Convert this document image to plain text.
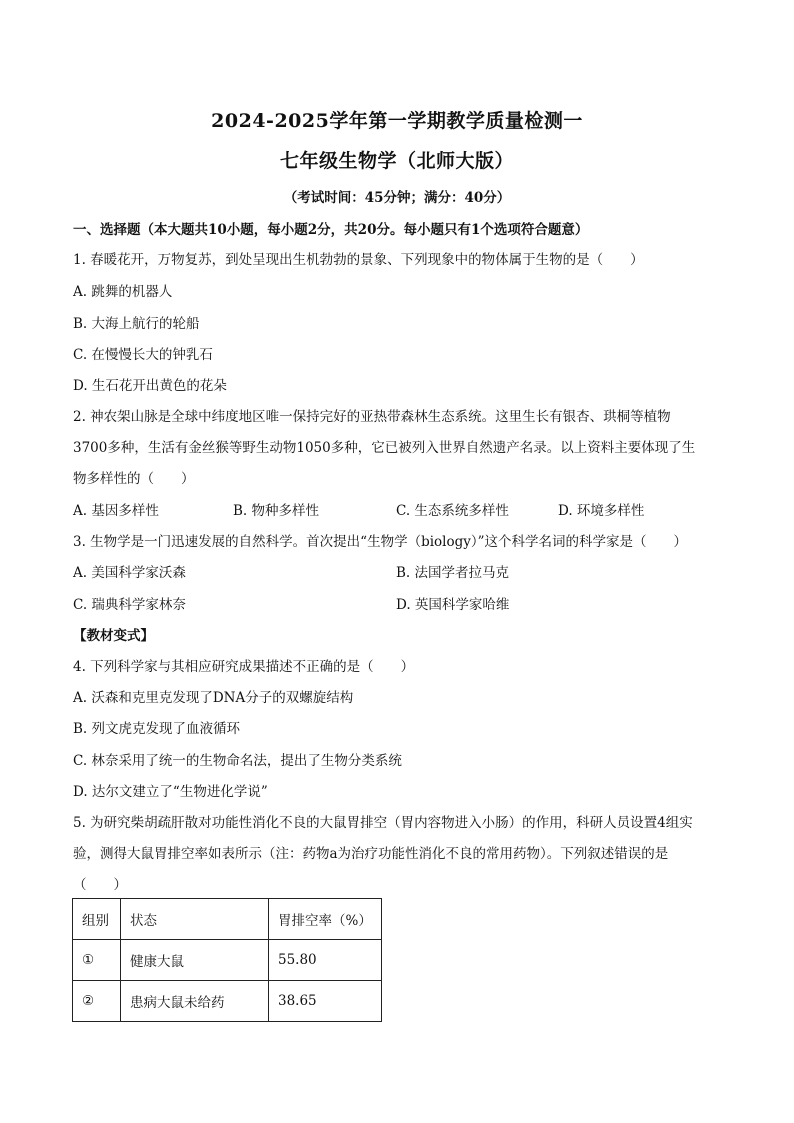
2024-2025学年第一学期教学质量检测一
七年级生物学（北师大版）
（考试时间：45分钟；满分：40分）
一、选择题（本大题共10小题，每小题2分，共20分。每小题只有1个选项符合题意）
1. 春暖花开，万物复苏，到处呈现出生机勃勃的景象、下列现象中的物体属于生物的是（　　）
A. 跳舞的机器人
B. 大海上航行的轮船
C. 在慢慢长大的钟乳石
D. 生石花开出黄色的花朵
2. 神农架山脉是全球中纬度地区唯一保持完好的亚热带森林生态系统。这里生长有银杏、珙桐等植物
3700多种，生活有金丝猴等野生动物1050多种，它已被列入世界自然遗产名录。以上资料主要体现了生
物多样性的（　　）
A. 基因多样性	B. 物种多样性	C. 生态系统多样性	D. 环境多样性
3. 生物学是一门迅速发展的自然科学。首次提出“生物学（biology）”这个科学名词的科学家是（　　）
A. 美国科学家沃森	B. 法国学者拉马克
C. 瑞典科学家林奈	D. 英国科学家哈维
【教材变式】
4. 下列科学家与其相应研究成果描述不正确的是（　　）
A. 沃森和克里克发现了DNA分子的双螺旋结构
B. 列文虎克发现了血液循环
C. 林奈采用了统一的生物命名法，提出了生物分类系统
D. 达尔文建立了“生物进化学说”
5. 为研究柴胡疏肝散对功能性消化不良的大鼠胃排空（胃内容物进入小肠）的作用，科研人员设置4组实
验，测得大鼠胃排空率如表所示（注：药物a为治疗功能性消化不良的常用药物）。下列叙述错误的是
（　　）
组别	状态	胃排空率（%）
①	健康大鼠	55.80
②	患病大鼠未给药	38.65
